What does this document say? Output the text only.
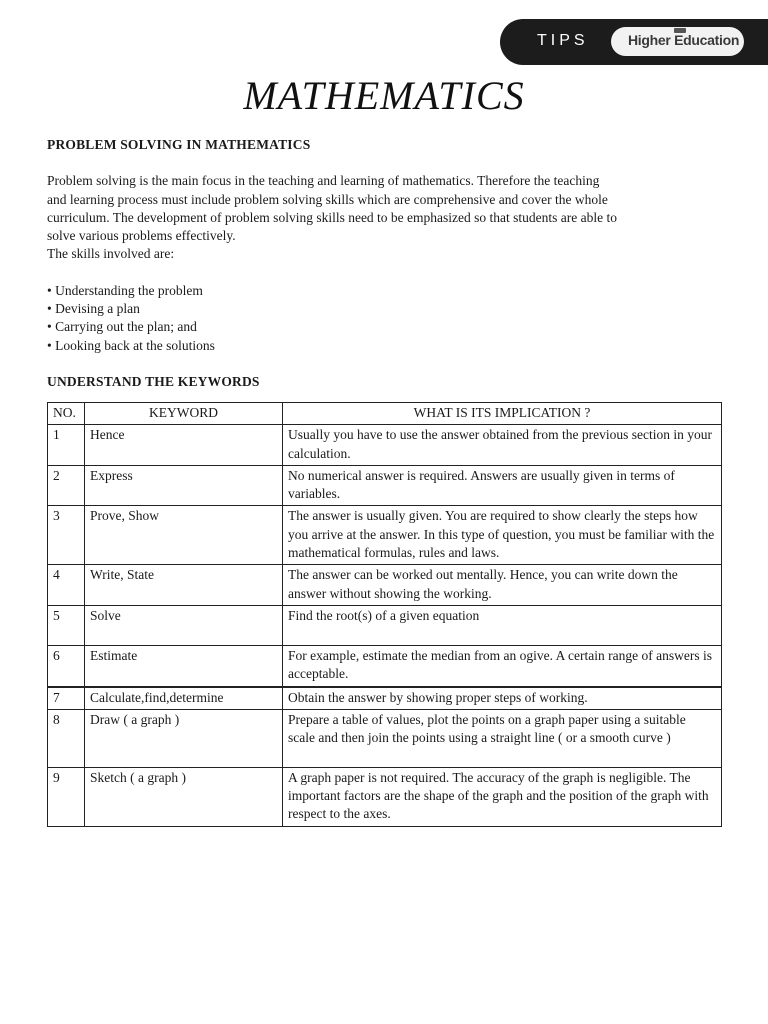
TIPS	Higher Education
MATHEMATICS

PROBLEM SOLVING IN MATHEMATICS

Problem solving is the main focus in the teaching and learning of mathematics. Therefore the teaching
and learning process must include problem solving skills which are comprehensive and cover the whole
curriculum. The development of problem solving skills need to be emphasized so that students are able to
solve various problems effectively.
The skills involved are:
• Understanding the problem
• Devising a plan
• Carrying out the plan; and
• Looking back at the solutions

UNDERSTAND THE KEYWORDS

NO.	KEYWORD	WHAT IS ITS IMPLICATION ?
1	Hence	Usually you have to use the answer obtained from the previous section in your calculation.
2	Express	No numerical answer is required. Answers are usually given in terms of variables.
3	Prove, Show	The answer is usually given. You are required to show clearly the steps how you arrive at the answer. In this type of question, you must be familiar with the mathematical formulas, rules and laws.
4	Write, State	The answer can be worked out mentally. Hence, you can write down the answer without showing the working.
5	Solve	Find the root(s) of a given equation
6	Estimate	For example, estimate the median from an ogive. A certain range of answers is acceptable.
7	Calculate,find,determine	Obtain the answer by showing proper steps of working.
8	Draw ( a graph )	Prepare a table of values, plot the points on a graph paper using a suitable scale and then join the points using a straight line ( or a smooth curve )
9	Sketch ( a graph )	A graph paper is not required. The accuracy of the graph is negligible. The important factors are the shape of the graph and the position of the graph with respect to the axes.
